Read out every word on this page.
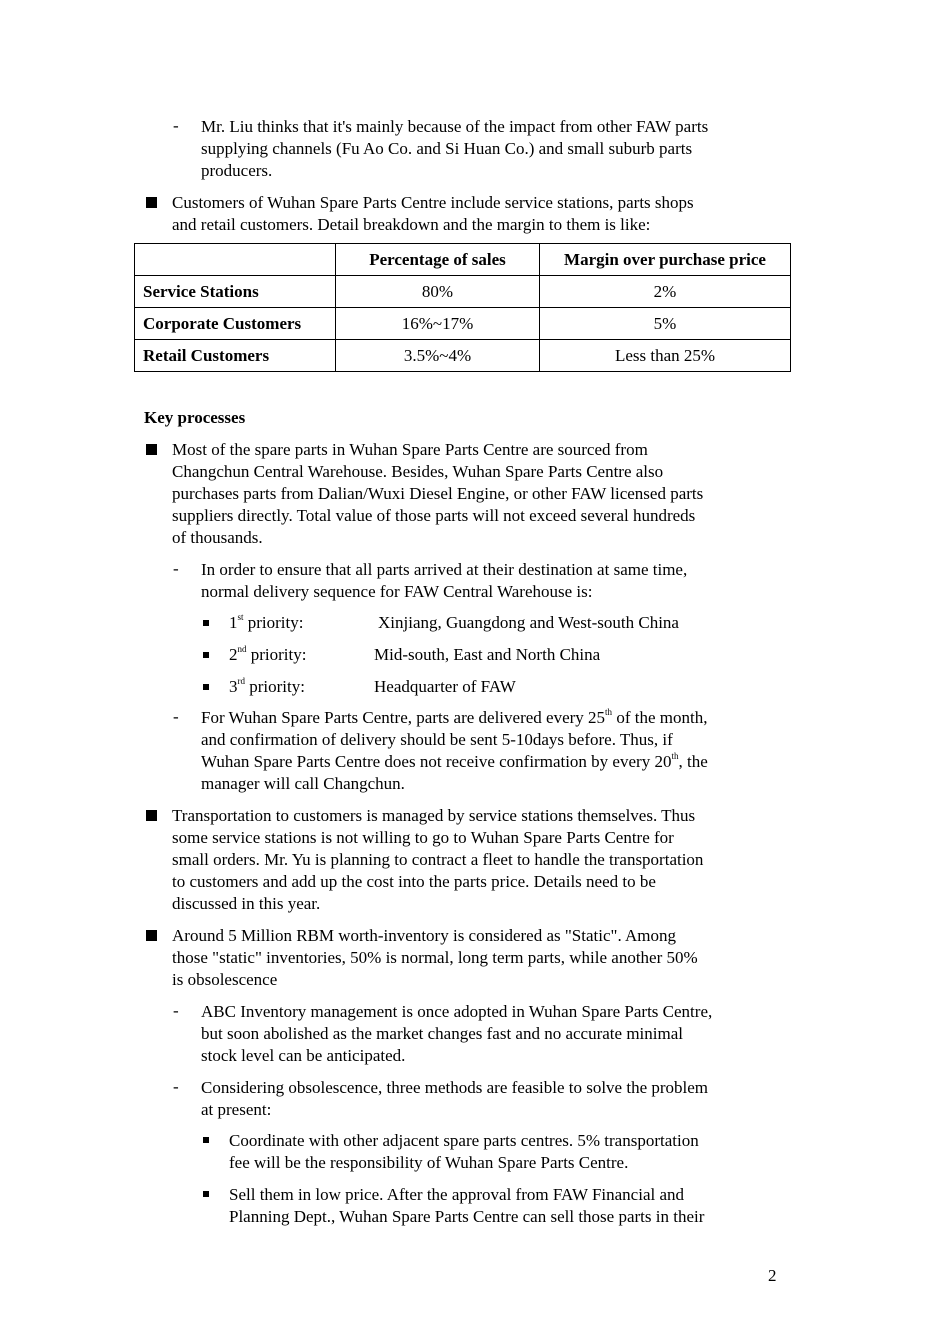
- Mr. Liu thinks that it's mainly because of the impact from other FAW parts
supplying channels (Fu Ao Co. and Si Huan Co.) and small suburb parts
producers.
Customers of Wuhan Spare Parts Centre include service stations, parts shops
and retail customers. Detail breakdown and the margin to them is like:
	Percentage of sales	Margin over purchase price
Service Stations	80%	2%
Corporate Customers	16%~17%	5%
Retail Customers	3.5%~4%	Less than 25%
Key processes
Most of the spare parts in Wuhan Spare Parts Centre are sourced from
Changchun Central Warehouse. Besides, Wuhan Spare Parts Centre also
purchases parts from Dalian/Wuxi Diesel Engine, or other FAW licensed parts
suppliers directly. Total value of those parts will not exceed several hundreds
of thousands.
- In order to ensure that all parts arrived at their destination at same time,
normal delivery sequence for FAW Central Warehouse is:
1st priority:	Xinjiang, Guangdong and West-south China
2nd priority:	Mid-south, East and North China
3rd priority:	Headquarter of FAW
- For Wuhan Spare Parts Centre, parts are delivered every 25th of the month,
and confirmation of delivery should be sent 5-10days before. Thus, if
Wuhan Spare Parts Centre does not receive confirmation by every 20th, the
manager will call Changchun.
Transportation to customers is managed by service stations themselves. Thus
some service stations is not willing to go to Wuhan Spare Parts Centre for
small orders. Mr. Yu is planning to contract a fleet to handle the transportation
to customers and add up the cost into the parts price. Details need to be
discussed in this year.
Around 5 Million RBM worth-inventory is considered as "Static". Among
those "static" inventories, 50% is normal, long term parts, while another 50%
is obsolescence
- ABC Inventory management is once adopted in Wuhan Spare Parts Centre,
but soon abolished as the market changes fast and no accurate minimal
stock level can be anticipated.
- Considering obsolescence, three methods are feasible to solve the problem
at present:
Coordinate with other adjacent spare parts centres. 5% transportation
fee will be the responsibility of Wuhan Spare Parts Centre.
Sell them in low price. After the approval from FAW Financial and
Planning Dept., Wuhan Spare Parts Centre can sell those parts in their
2
